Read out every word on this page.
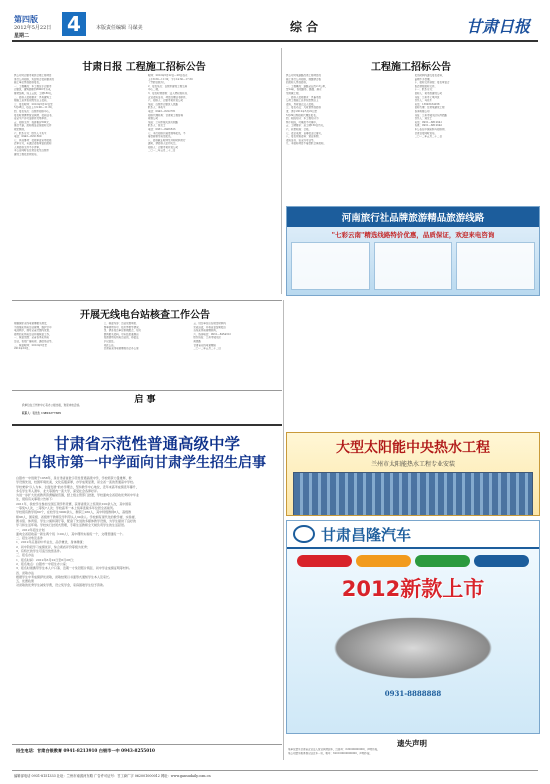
第四版
2012年5月22日
星期二 4	本版责任编辑 马谋美	综 合	甘肃日报
甘肃日报 工程施工招标公告
我公司对白银市某综合楼工程项目
进行公开招标，欢迎符合资质要求的
施工单位参加投标报名。
一、工程概况：本工程位于白银市
白银区，建筑面积约8000平方米，
框架结构，地上五层，工期180天。
二、投标人资格要求：具有建筑工
程施工总承包叁级及以上资质。
三、报名时间：2012年5月22日至
5月28日，每日上午9:00—11:30。
四、报名地点：白银市招标中心。
报名时须携带营业执照、资质证书、
安全生产许可证原件及复印件。
五、招标文件：每套售价500元，
售后不退。投标保证金按招标文件
规定缴纳。
六、联系方式：联系人王先生
电话：0943—8221560
七、其他事项：资格审查采用资格
后审方式，未通过资格审查的投标
人其投标文件不予评审。
本公告同时在甘肃日报及白银市
建设工程信息网发布。
时间：2012年5月22日—28日每天
上午8:30—11:30，下午14:30—17:30
（节假日除外）。
2．报名地点：白银市建设工程交易
中心二楼。
3．报名时须提供：法人授权委托书、
企业资质证书、项目经理证书原件。
六、招标人：白银市某开发公司
地址：白银市白银区人民路
联系人：李先生
电话：0943—8222781
招标代理机构：甘肃某工程咨询
有限公司
地址：兰州市城关区庆阳路
联系人：张女士
电话：0931—8466523
七、本次招标只接受现场报名，不
接受邮寄及电话报名。
八、投标截止时间及开标时间另行
通知，请投标人密切关注。
招标人：白银市某开发公司
二〇一二年五月二十二日
工程施工招标公告
我公司对某道路改造工程项目的
施工进行公开招标，现邀请合格
的投标人参加投标。
一、工程概况：道路全长约2.3公里，
宽24米，包括路基、路面、排水
及附属工程。
二、投标人资格要求：具备市政
公用工程施工总承包贰级以上
资质，具有独立法人资格。
三、报名办法：凡有意参加投标
者，请于2012年5月22日至
5月29日到招标代理处报名。
四、标段划分：本工程划分为
两个标段，可兼投不可兼中。
五、工期要求：总工期150日历天。
六、质量标准：合格。
七、资金来源：自筹资金已落实。
八、报名所需资料：营业执照、
资质证书、安全许可证等。
九、本招标项目不接受联合体投标。
报名时间内递交报名资料，
逾期不予受理。
十、招标文件获取：报名审查合
格后领取招标文件。
十一、联系方式：
招标人：某市政建设公司
地址：兰州市七里河区
联系人：马先生
电话：13993184258
招标代理：甘肃某建设工程
咨询有限公司
地址：兰州市城关区东岗西路
联系人：刘女士
电话：0931—8812641
传真：0931—8812642
本公告在中国采购与招标网、
甘肃日报同时发布。
二〇一二年五月二十二日
河南旅行社品牌旅游精品旅游线路
"七彩云南"精选线路特价优惠，品质保证，欢迎来电咨询
开展无线电台站核查工作公告
根据国家无线电管理相关规定，
为加强无线电台站管理，维护空中
电波秩序，现对全省范围内设置、
使用的无线电台站开展核查工作。
一、核查范围：全省各类无线电
台站，包括广播电视、通信基站等。
二、核查时间：2012年5月至
2012年10月。
三、核查内容：台站设置审批、
频率使用许可、技术参数等情况。
四、请各设台单位积极配合，如实
提供相关资料。对未经批准擅自
设置使用无线电台站的，将依法
予以查处。
特此公告。
甘肃省无线电管理委员会办公室
五、设台单位应在规定时间内
完成自查，并将自查结果报送
当地无线电管理机构。
六、咨询电话：0931—8454312
联系地址：兰州市城关区
南昌路
甘肃省无线电管理局
二〇一二年五月二十二日
启 事
我单位在兰州市中心有办公楼出租，欢迎来电洽谈。
联系人：毛先生 13893277389
甘肃省示范性普通高级中学
白银市第一中学面向甘肃学生招生启事
白银市一中创建于1958年，是甘肃省首批示范性普通高级中学，学校师资力量雄厚，教
学设施先进，校园环境优美，文化底蕴深厚，办学成果显著，是全省一流的普通高中学校。
学校秉承"以人为本、全面发展"的办学理念，坚持教学中心地位，近年来高考成绩连年攀升，
多名学生考入清华、北大等国内一流大学，深受社会各界好评。
为进一步扩大优质教育资源辐射范围，经上级主管部门批准，学校面向全省招收优秀初中毕业
生，现将有关事项公告如下：
2011年，我校学生参加全国五项学科竞赛，获得省级以上奖项共100余人次，其中国家
一等奖5人次，二等奖7人次；学校高考一本上线率连续多年位居全省前列。
学校现有教学班60个，在校学生3000余人，教职工260人，其中特级教师8人，高级教
师98人，国家级、省级骨干教师及学科带头人30余人。学校拥有现代化的教学楼、实验楼、
图书馆、体育馆、学生公寓和餐厅等，配备了先进的多媒体教学设施，为学生提供了良好的
学习和生活环境。学校实行封闭式管理，专职生活教师全天候负责学生的生活起居。
一、2012年招生计划
面向全省招收高一新生两个班（100人），其中理科实验班一个，文理普通班一个。
二、招生对象及条件
1．2012年应届初中毕业生，品学兼优，身体健康；
2．初中阶段学习成绩优异，综合素质评价等级为优秀；
3．有特长的学生可适当放宽条件。
三、报名办法
1．报名时间：2012年6月22日至6月28日；
2．报名地点：白银市一中招生办公室；
3．报名时须携带学生本人户口簿、近期一寸免冠照片两张、初中学业成绩证明等材料。
四、录取办法
根据学生中考成绩择优录取，录取结果以书面形式通知学生本人及家长。
五、优惠政策
对录取的优秀学生减免学费，设立奖学金，家庭困难学生给予资助。
招生电话：甘肃白银教育 0941-8213910 白银市一中 0943-8255010
大型太阳能中央热水工程
兰州市太阳能热水工程专业安装
甘肃昌隆汽车
2012新款上市
0931-8888888
遗失声明
某单位遗失甘肃省企业法人营业执照副本，注册号：620000000000，声明作废。
某公司遗失税务登记证正本一份，税号：620100000000000，声明作废。
编辑部电话 0931-8151333 社址：兰州市南滨河东路 广告许可证号：甘工商广字 062001000012 网址：www.gansudaily.com.cn
